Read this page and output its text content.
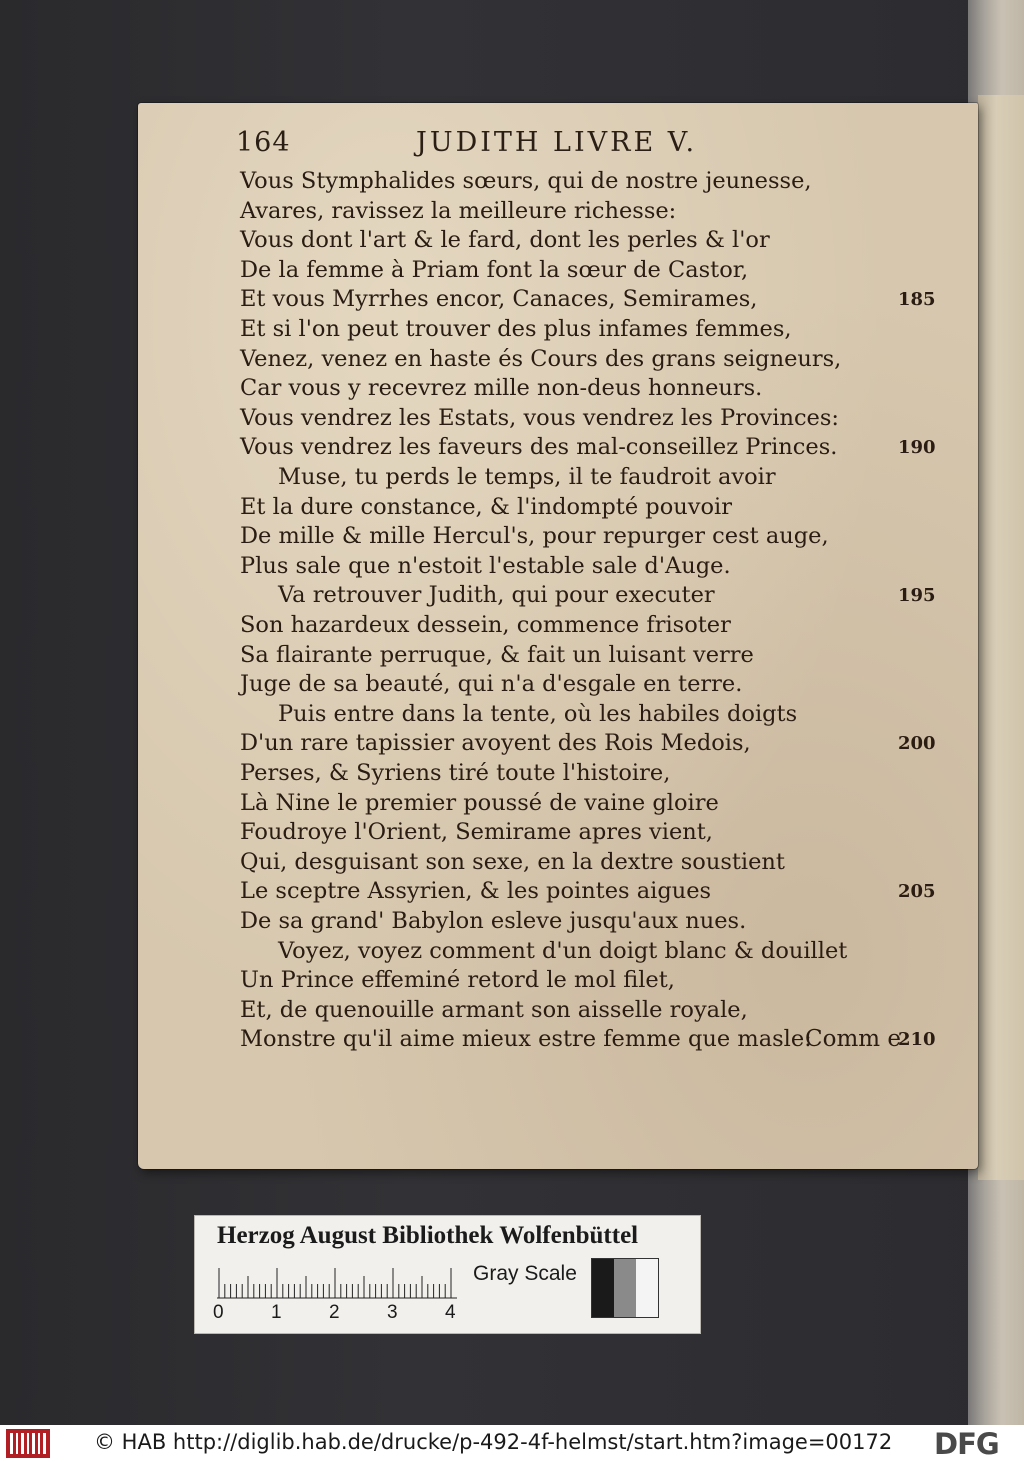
164	JUDITH LIVRE V.
Vous Stymphalides sœurs, qui de nostre jeunesse,
Avares, ravissez la meilleure richesse:
Vous dont l'art & le fard, dont les perles & l'or
De la femme à Priam font la sœur de Castor,
Et vous Myrrhes encor, Canaces, Semirames,
Et si l'on peut trouver des plus infames femmes,
Venez, venez en haste és Cours des grans seigneurs,
Car vous y recevrez mille non-deus honneurs.
Vous vendrez les Estats, vous vendrez les Provinces:
Vous vendrez les faveurs des mal-conseillez Princes.
Muse, tu perds le temps, il te faudroit avoir
Et la dure constance, & l'indompté pouvoir
De mille & mille Hercul's, pour repurger cest auge,
Plus sale que n'estoit l'estable sale d'Auge.
Va retrouver Judith, qui pour executer
Son hazardeux dessein, commence frisoter
Sa flairante perruque, & fait un luisant verre
Juge de sa beauté, qui n'a d'esgale en terre.
Puis entre dans la tente, où les habiles doigts
D'un rare tapissier avoyent des Rois Medois,
Perses, & Syriens tiré toute l'histoire,
Là Nine le premier poussé de vaine gloire
Foudroye l'Orient, Semirame apres vient,
Qui, desguisant son sexe, en la dextre soustient
Le sceptre Assyrien, & les pointes aigues
De sa grand' Babylon esleve jusqu'aux nues.
Voyez, voyez comment d'un doigt blanc & douillet
Un Prince effeminé retord le mol filet,
Et, de quenouille armant son aisselle royale,
Monstre qu'il aime mieux estre femme que masle:
185
190
195
200
205
210
Comm e
Herzog August Bibliothek Wolfenbüttel
0 1 2 3 4
Gray Scale
© HAB http://diglib.hab.de/drucke/p-492-4f-helmst/start.htm?image=00172 DFG
